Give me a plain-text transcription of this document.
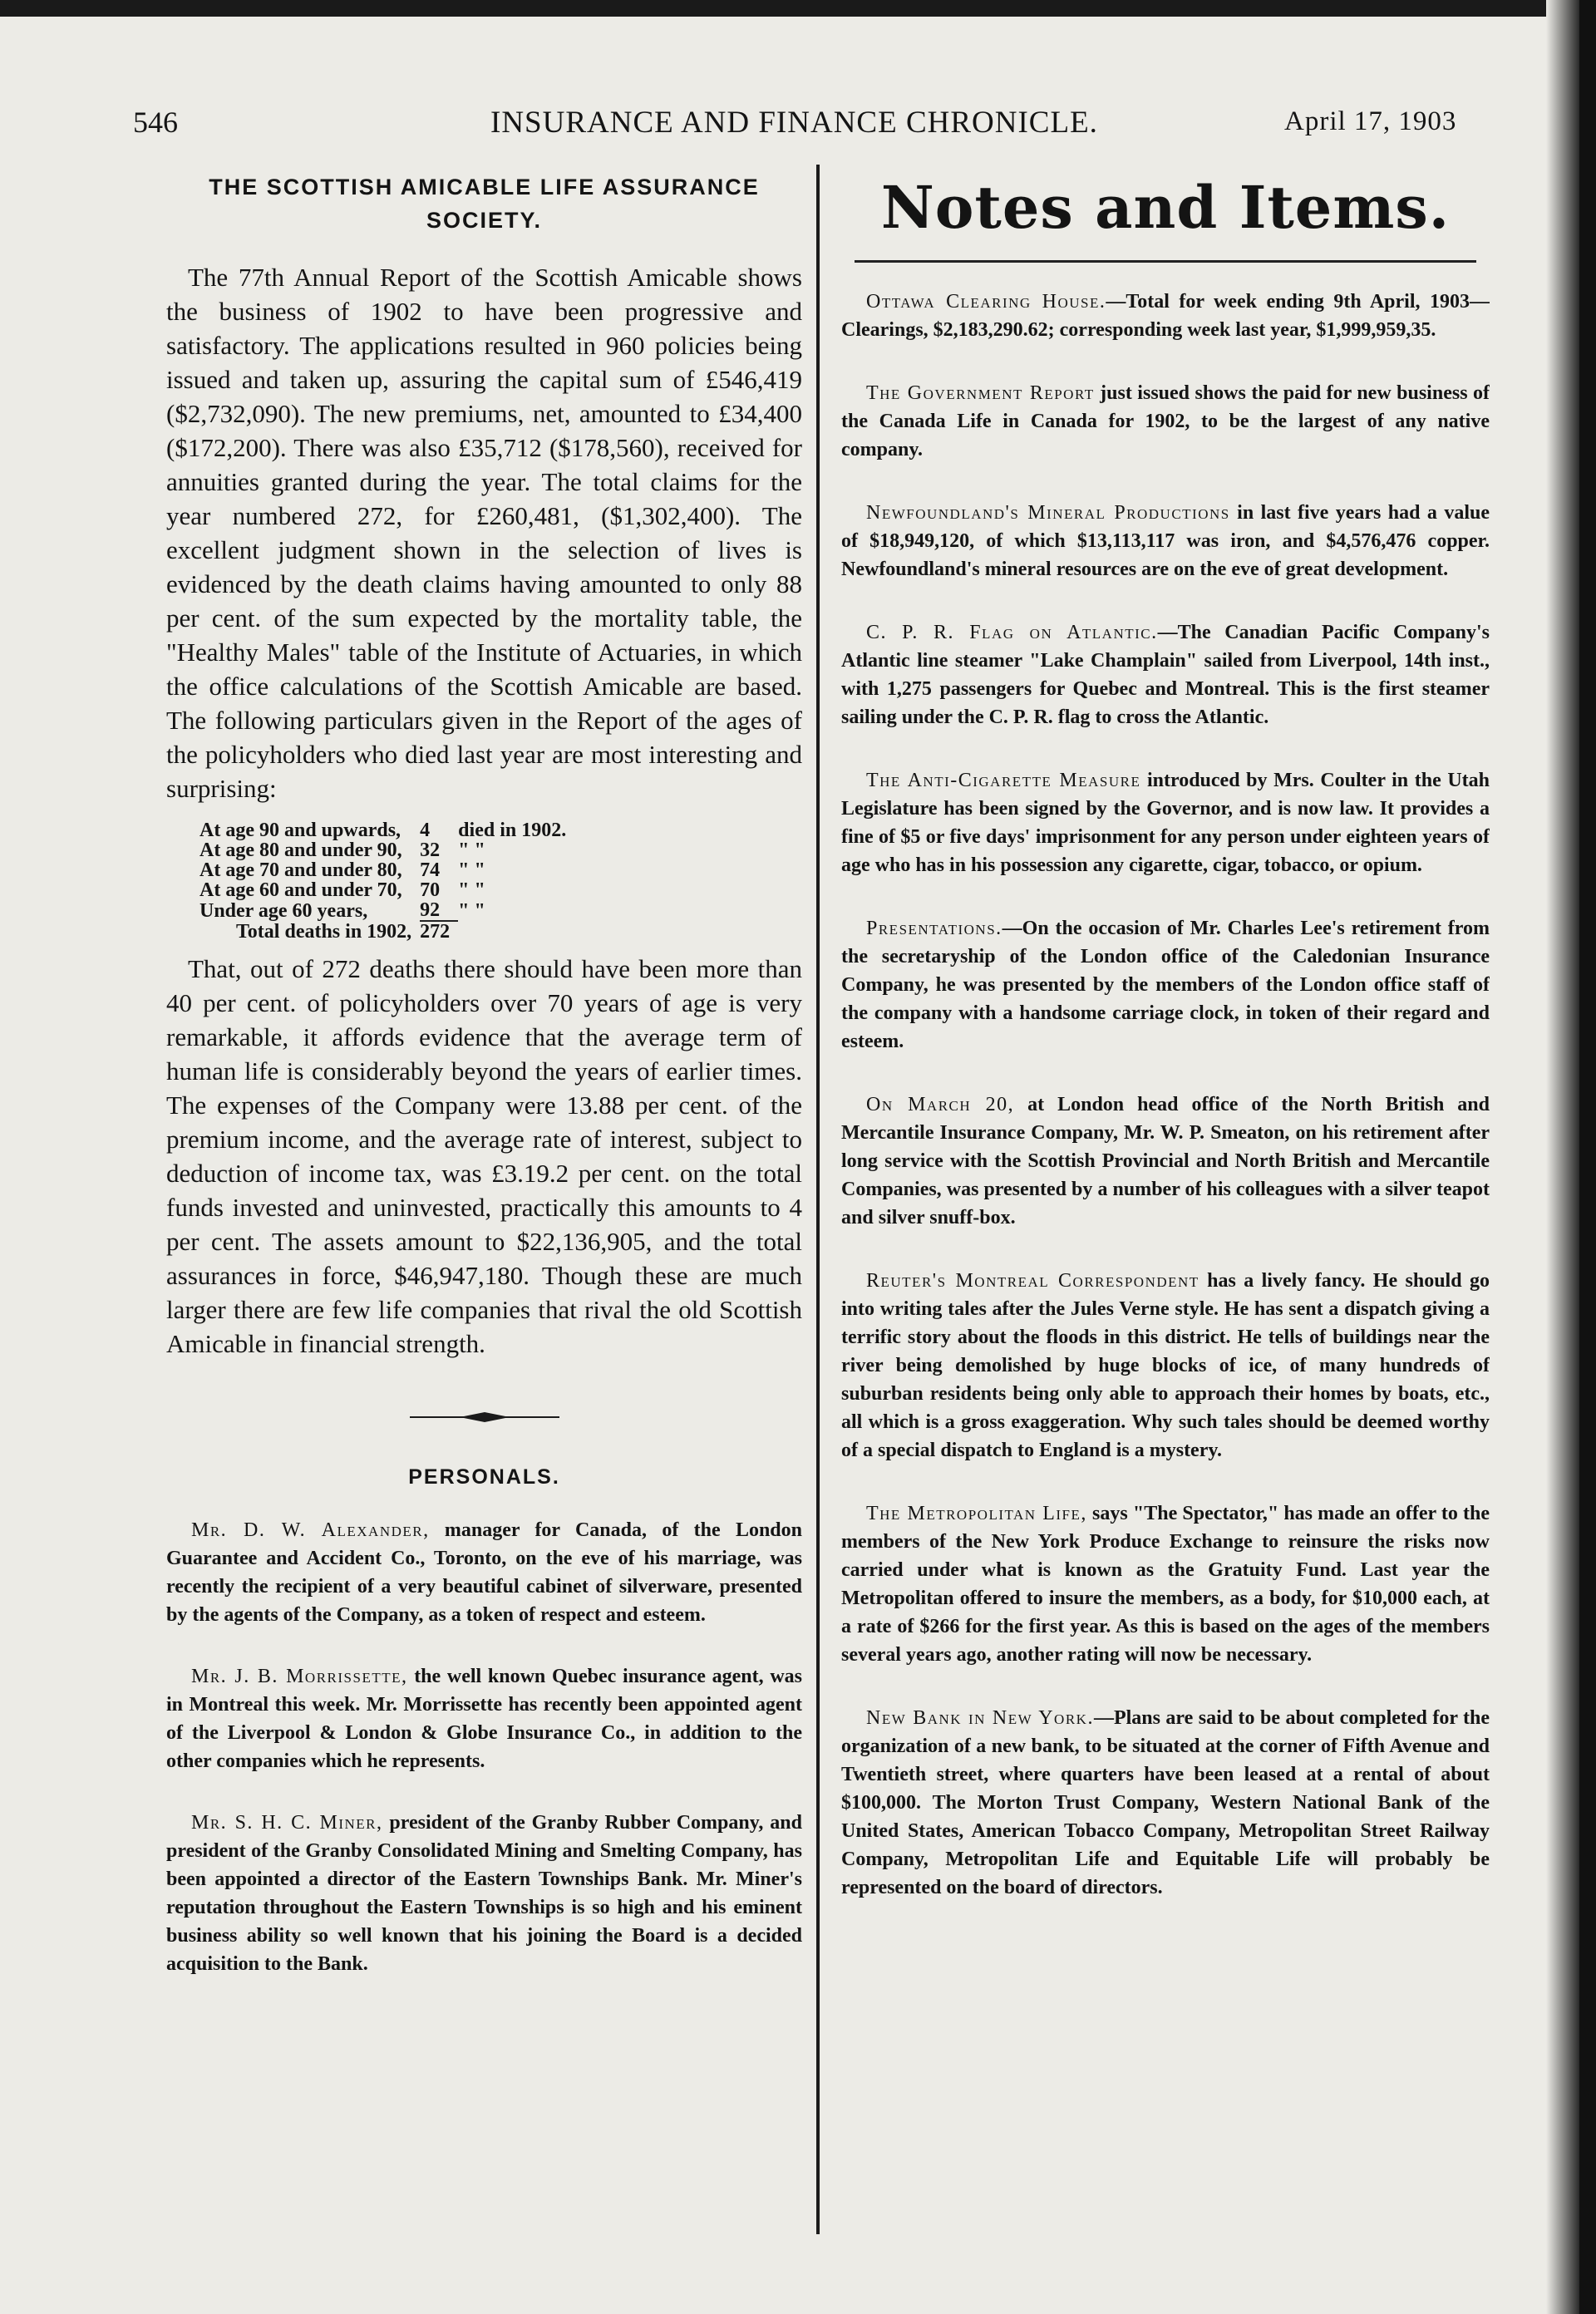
546	INSURANCE AND FINANCE CHRONICLE.	April 17, 1903
THE SCOTTISH AMICABLE LIFE ASSURANCE SOCIETY.

The 77th Annual Report of the Scottish Amicable shows the business of 1902 to have been progressive and satisfactory. The applications resulted in 960 policies being issued and taken up, assuring the capital sum of £546,419 ($2,732,090). The new premiums, net, amounted to £34,400 ($172,200). There was also £35,712 ($178,560), received for annuities granted during the year. The total claims for the year numbered 272, for £260,481, ($1,302,400). The excellent judgment shown in the selection of lives is evidenced by the death claims having amounted to only 88 per cent. of the sum expected by the mortality table, the "Healthy Males" table of the Institute of Actuaries, in which the office calculations of the Scottish Amicable are based. The following particulars given in the Report of the ages of the policyholders who died last year are most interesting and surprising:

At age 90 and upwards,	4	died in 1902.
At age 80 and under 90,	32	" "
At age 70 and under 80,	74	" "
At age 60 and under 70,	70	" "
Under age 60 years,	92	" "
Total deaths in 1902,	272	

That, out of 272 deaths there should have been more than 40 per cent. of policyholders over 70 years of age is very remarkable, it affords evidence that the average term of human life is considerably beyond the years of earlier times. The expenses of the Company were 13.88 per cent. of the premium income, and the average rate of interest, subject to deduction of income tax, was £3.19.2 per cent. on the total funds invested and uninvested, practically this amounts to 4 per cent. The assets amount to $22,136,905, and the total assurances in force, $46,947,180. Though these are much larger there are few life companies that rival the old Scottish Amicable in financial strength.

PERSONALS.

Mr. D. W. Alexander, manager for Canada, of the London Guarantee and Accident Co., Toronto, on the eve of his marriage, was recently the recipient of a very beautiful cabinet of silverware, presented by the agents of the Company, as a token of respect and esteem.

Mr. J. B. Morrissette, the well known Quebec insurance agent, was in Montreal this week. Mr. Morrissette has recently been appointed agent of the Liverpool & London & Globe Insurance Co., in addition to the other companies which he represents.

Mr. S. H. C. Miner, president of the Granby Rubber Company, and president of the Granby Consolidated Mining and Smelting Company, has been appointed a director of the Eastern Townships Bank. Mr. Miner's reputation throughout the Eastern Townships is so high and his eminent business ability so well known that his joining the Board is a decided acquisition to the Bank.

Notes and Items.

Ottawa Clearing House.—Total for week ending 9th April, 1903—Clearings, $2,183,290.62; corresponding week last year, $1,999,959,35.

The Government Report just issued shows the paid for new business of the Canada Life in Canada for 1902, to be the largest of any native company.

Newfoundland's Mineral Productions in last five years had a value of $18,949,120, of which $13,113,117 was iron, and $4,576,476 copper. Newfoundland's mineral resources are on the eve of great development.

C. P. R. Flag on Atlantic.—The Canadian Pacific Company's Atlantic line steamer "Lake Champlain" sailed from Liverpool, 14th inst., with 1,275 passengers for Quebec and Montreal. This is the first steamer sailing under the C. P. R. flag to cross the Atlantic.

The Anti-Cigarette Measure introduced by Mrs. Coulter in the Utah Legislature has been signed by the Governor, and is now law. It provides a fine of $5 or five days' imprisonment for any person under eighteen years of age who has in his possession any cigarette, cigar, tobacco, or opium.

Presentations.—On the occasion of Mr. Charles Lee's retirement from the secretaryship of the London office of the Caledonian Insurance Company, he was presented by the members of the London office staff of the company with a handsome carriage clock, in token of their regard and esteem.

On March 20, at London head office of the North British and Mercantile Insurance Company, Mr. W. P. Smeaton, on his retirement after long service with the Scottish Provincial and North British and Mercantile Companies, was presented by a number of his colleagues with a silver teapot and silver snuff-box.

Reuter's Montreal Correspondent has a lively fancy. He should go into writing tales after the Jules Verne style. He has sent a dispatch giving a terrific story about the floods in this district. He tells of buildings near the river being demolished by huge blocks of ice, of many hundreds of suburban residents being only able to approach their homes by boats, etc., all which is a gross exaggeration. Why such tales should be deemed worthy of a special dispatch to England is a mystery.

The Metropolitan Life, says "The Spectator," has made an offer to the members of the New York Produce Exchange to reinsure the risks now carried under what is known as the Gratuity Fund. Last year the Metropolitan offered to insure the members, as a body, for $10,000 each, at a rate of $266 for the first year. As this is based on the ages of the members several years ago, another rating will now be necessary.

New Bank in New York.—Plans are said to be about completed for the organization of a new bank, to be situated at the corner of Fifth Avenue and Twentieth street, where quarters have been leased at a rental of about $100,000. The Morton Trust Company, Western National Bank of the United States, American Tobacco Company, Metropolitan Street Railway Company, Metropolitan Life and Equitable Life will probably be represented on the board of directors.
